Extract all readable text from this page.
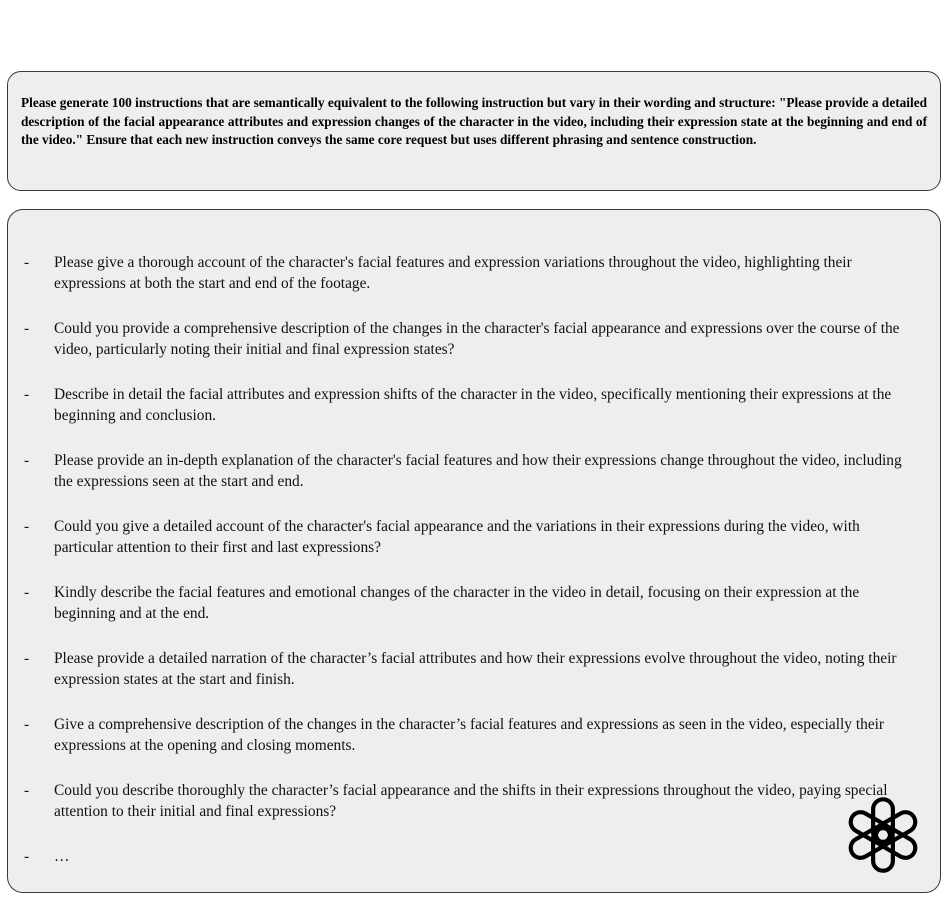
Please generate 100 instructions that are semantically equivalent to the following instruction but vary in their wording and structure: "Please provide a detailed description of the facial appearance attributes and expression changes of the character in the video, including their expression state at the beginning and end of the video." Ensure that each new instruction conveys the same core request but uses different phrasing and sentence construction.

- Please give a thorough account of the character's facial features and expression variations throughout the video, highlighting their expressions at both the start and end of the footage.
- Could you provide a comprehensive description of the changes in the character's facial appearance and expressions over the course of the video, particularly noting their initial and final expression states?
- Describe in detail the facial attributes and expression shifts of the character in the video, specifically mentioning their expressions at the beginning and conclusion.
- Please provide an in-depth explanation of the character's facial features and how their expressions change throughout the video, including the expressions seen at the start and end.
- Could you give a detailed account of the character's facial appearance and the variations in their expressions during the video, with particular attention to their first and last expressions?
- Kindly describe the facial features and emotional changes of the character in the video in detail, focusing on their expression at the beginning and at the end.
- Please provide a detailed narration of the character’s facial attributes and how their expressions evolve throughout the video, noting their expression states at the start and finish.
- Give a comprehensive description of the changes in the character’s facial features and expressions as seen in the video, especially their expressions at the opening and closing moments.
- Could you describe thoroughly the character’s facial appearance and the shifts in their expressions throughout the video, paying special attention to their initial and final expressions?
- …
